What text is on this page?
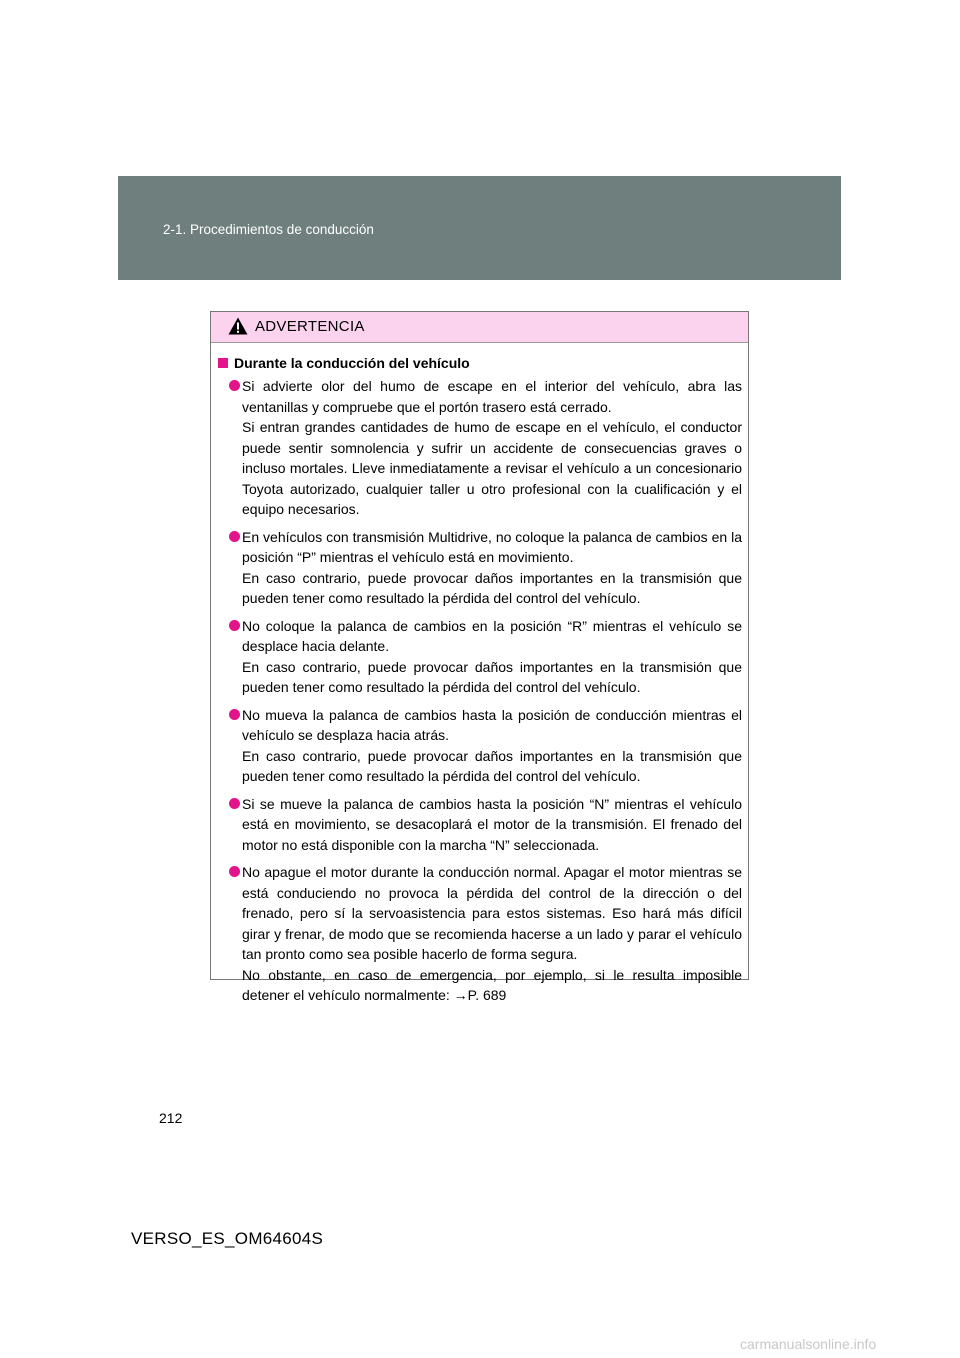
2-1. Procedimientos de conducción
ADVERTENCIA
Durante la conducción del vehículo

Si advierte olor del humo de escape en el interior del vehículo, abra las ventanillas y compruebe que el portón trasero está cerrado.

Si entran grandes cantidades de humo de escape en el vehículo, el conductor puede sentir somnolencia y sufrir un accidente de consecuencias graves o incluso mortales. Lleve inmediatamente a revisar el vehículo a un concesionario Toyota autorizado, cualquier taller u otro profesional con la cualificación y el equipo necesarios.

En vehículos con transmisión Multidrive, no coloque la palanca de cambios en la posición “P” mientras el vehículo está en movimiento.

En caso contrario, puede provocar daños importantes en la transmisión que pueden tener como resultado la pérdida del control del vehículo.

No coloque la palanca de cambios en la posición “R” mientras el vehículo se desplace hacia delante.

En caso contrario, puede provocar daños importantes en la transmisión que pueden tener como resultado la pérdida del control del vehículo.

No mueva la palanca de cambios hasta la posición de conducción mientras el vehículo se desplaza hacia atrás.

En caso contrario, puede provocar daños importantes en la transmisión que pueden tener como resultado la pérdida del control del vehículo.

Si se mueve la palanca de cambios hasta la posición “N” mientras el vehículo está en movimiento, se desacoplará el motor de la transmisión. El frenado del motor no está disponible con la marcha “N” seleccionada.

No apague el motor durante la conducción normal. Apagar el motor mientras se está conduciendo no provoca la pérdida del control de la dirección o del frenado, pero sí la servoasistencia para estos sistemas. Eso hará más difícil girar y frenar, de modo que se recomienda hacerse a un lado y parar el vehículo tan pronto como sea posible hacerlo de forma segura.

No obstante, en caso de emergencia, por ejemplo, si le resulta imposible detener el vehículo normalmente: →P. 689

212
VERSO_ES_OM64604S
carmanualsonline.info
